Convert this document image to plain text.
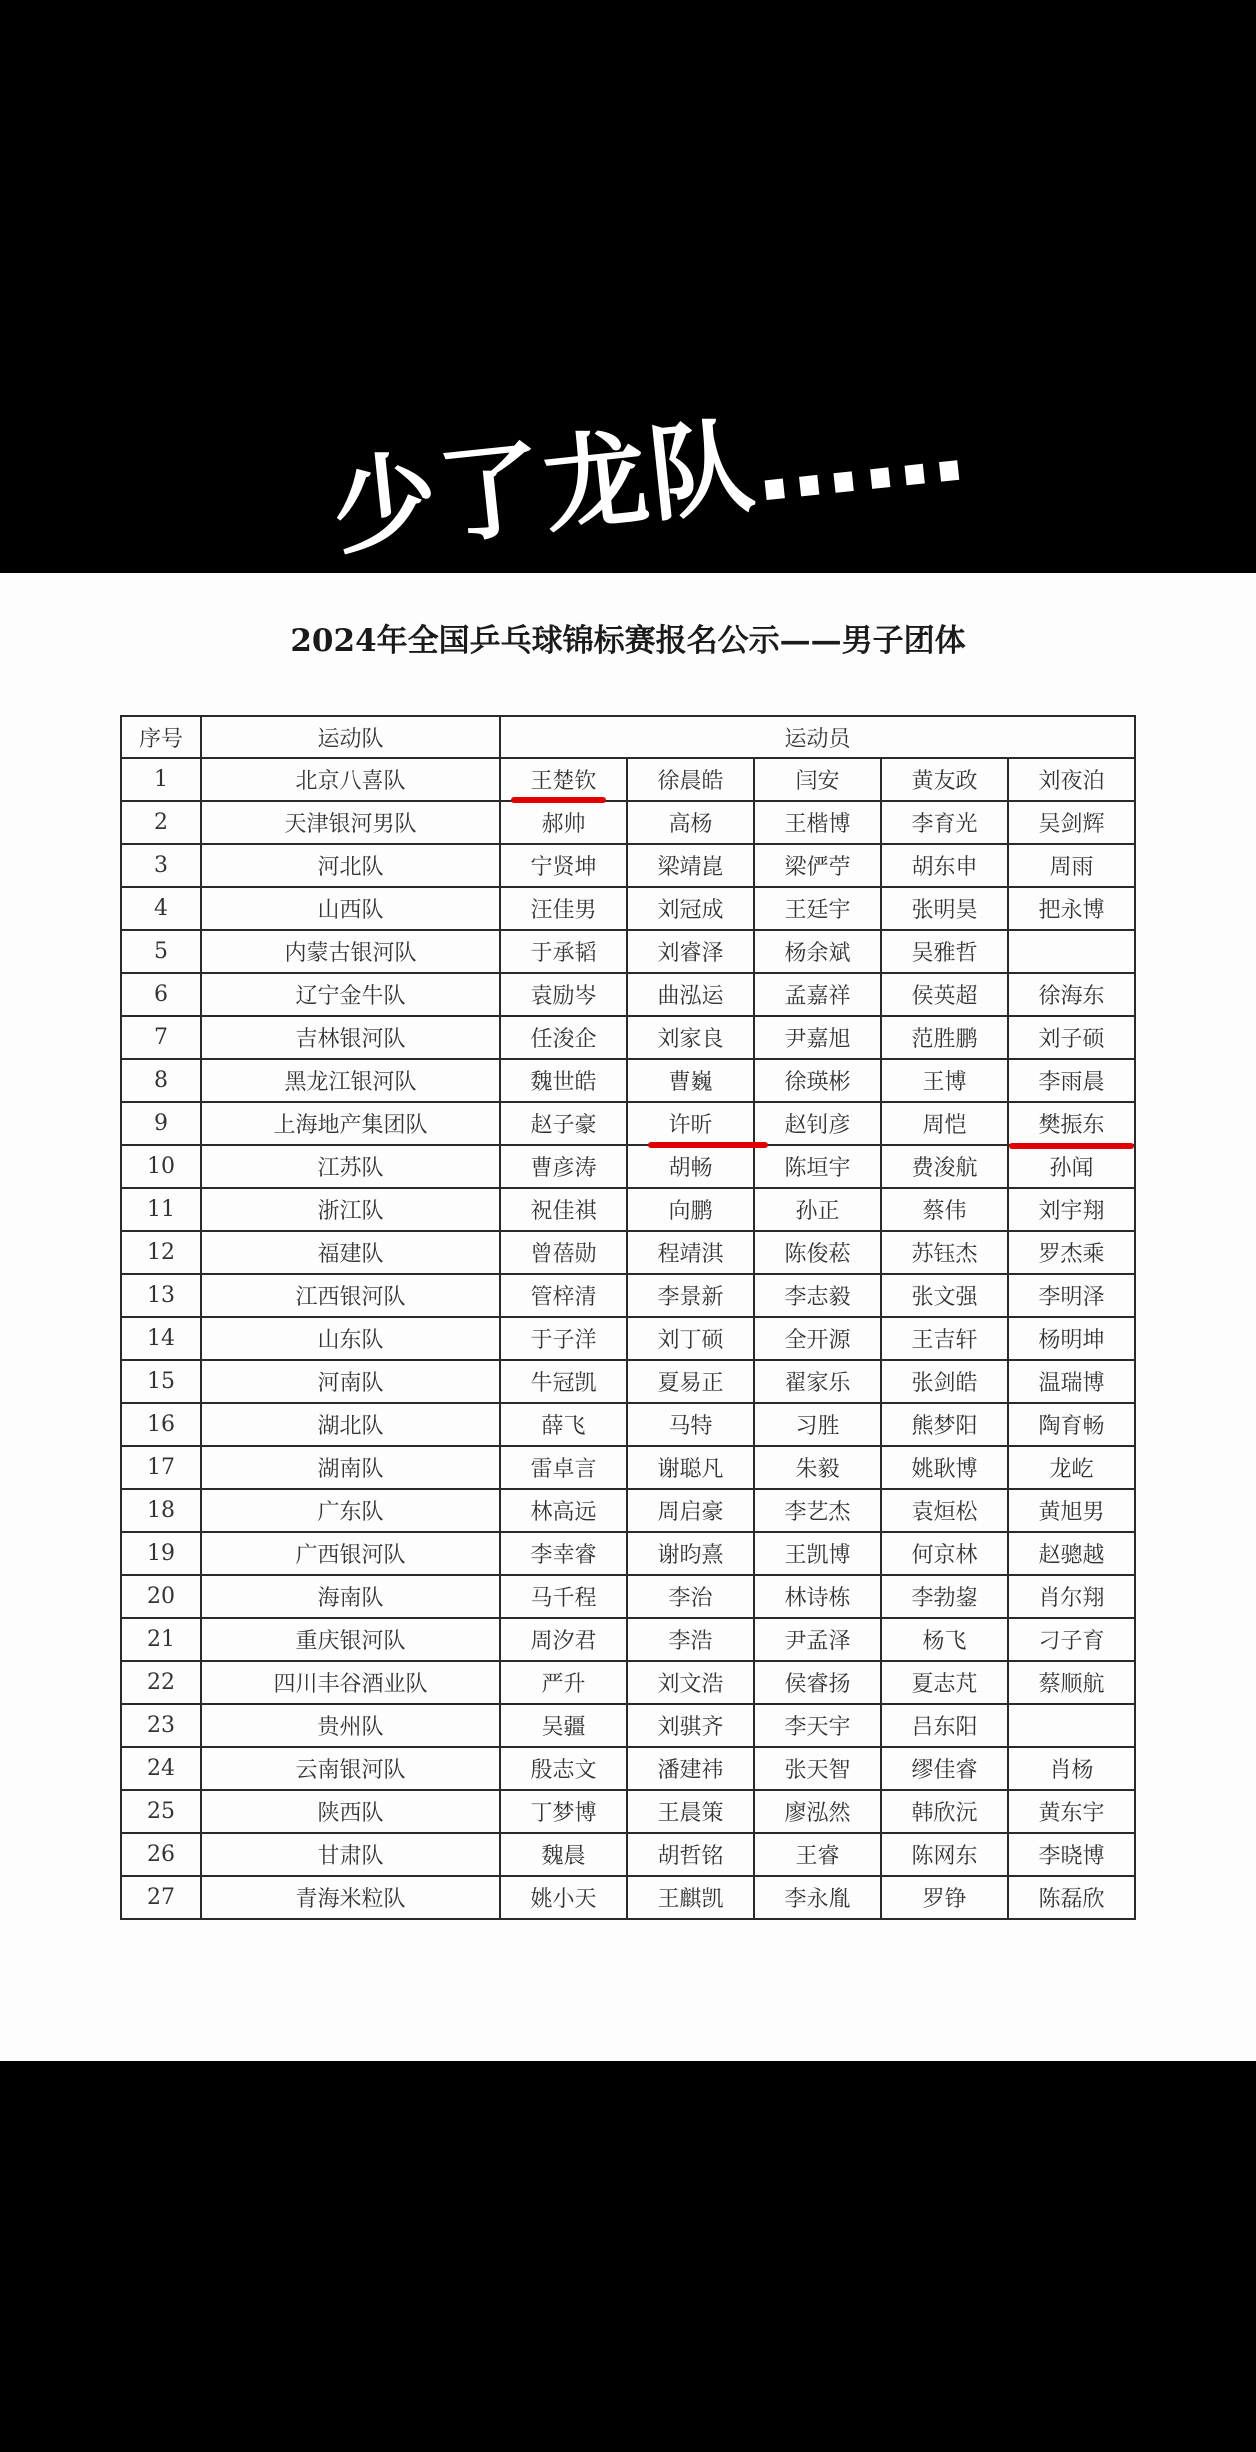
少了龙队……
2024年全国乒乓球锦标赛报名公示——男子团体
序号	运动队	运动员				
1	北京八喜队	王楚钦	徐晨皓	闫安	黄友政	刘夜泊
2	天津银河男队	郝帅	高杨	王楷博	李育光	吴剑辉
3	河北队	宁贤坤	梁靖崑	梁俨苧	胡东申	周雨
4	山西队	汪佳男	刘冠成	王廷宇	张明昊	把永博
5	内蒙古银河队	于承韬	刘睿泽	杨余斌	吴雅哲	
6	辽宁金牛队	袁励岑	曲泓运	孟嘉祥	侯英超	徐海东
7	吉林银河队	任浚企	刘家良	尹嘉旭	范胜鹏	刘子硕
8	黑龙江银河队	魏世皓	曹巍	徐瑛彬	王博	李雨晨
9	上海地产集团队	赵子豪	许昕	赵钊彦	周恺	樊振东

10	江苏队	曹彦涛	胡畅	陈垣宇	费浚航	孙闻
11	浙江队	祝佳祺	向鹏	孙正	蔡伟	刘宇翔
12	福建队	曾蓓勋	程靖淇	陈俊菘	苏钰杰	罗杰乘
13	江西银河队	管梓清	李景新	李志毅	张文强	李明泽
14	山东队	于子洋	刘丁硕	全开源	王吉轩	杨明坤
15	河南队	牛冠凯	夏易正	翟家乐	张剑皓	温瑞博
16	湖北队	薛飞	马特	习胜	熊梦阳	陶育畅
17	湖南队	雷卓言	谢聪凡	朱毅	姚耿博	龙屹
18	广东队	林高远	周启豪	李艺杰	袁烜松	黄旭男
19	广西银河队	李幸睿	谢昀熹	王凯博	何京林	赵骢越
20	海南队	马千程	李治	林诗栋	李勃鋆	肖尔翔
21	重庆银河队	周汐君	李浩	尹孟泽	杨飞	刁子育
22	四川丰谷酒业队	严升	刘文浩	侯睿扬	夏志芃	蔡顺航
23	贵州队	吴疆	刘骐齐	李天宇	吕东阳	
24	云南银河队	殷志文	潘建祎	张天智	缪佳睿	肖杨
25	陕西队	丁梦博	王晨策	廖泓然	韩欣沅	黄东宇
26	甘肃队	魏晨	胡哲铭	王睿	陈网东	李晓博
27	青海米粒队	姚小天	王麒凯	李永胤	罗铮	陈磊欣
